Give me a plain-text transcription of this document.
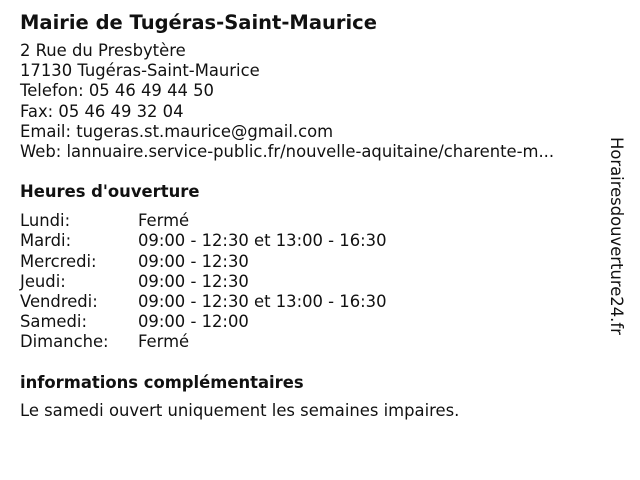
Mairie de Tugéras-Saint-Maurice
2 Rue du Presbytère
17130 Tugéras-Saint-Maurice
Telefon: 05 46 49 44 50
Fax: 05 46 49 32 04
Email: tugeras.st.maurice@gmail.com
Web: lannuaire.service-public.fr/nouvelle-aquitaine/charente-m...
Heures d'ouverture
Lundi:	Fermé
Mardi:	09:00 - 12:30 et 13:00 - 16:30
Mercredi:	09:00 - 12:30
Jeudi:	09:00 - 12:30
Vendredi:	09:00 - 12:30 et 13:00 - 16:30
Samedi:	09:00 - 12:00
Dimanche:	Fermé
informations complémentaires
Le samedi ouvert uniquement les semaines impaires.
Horairesdouverture24.fr
